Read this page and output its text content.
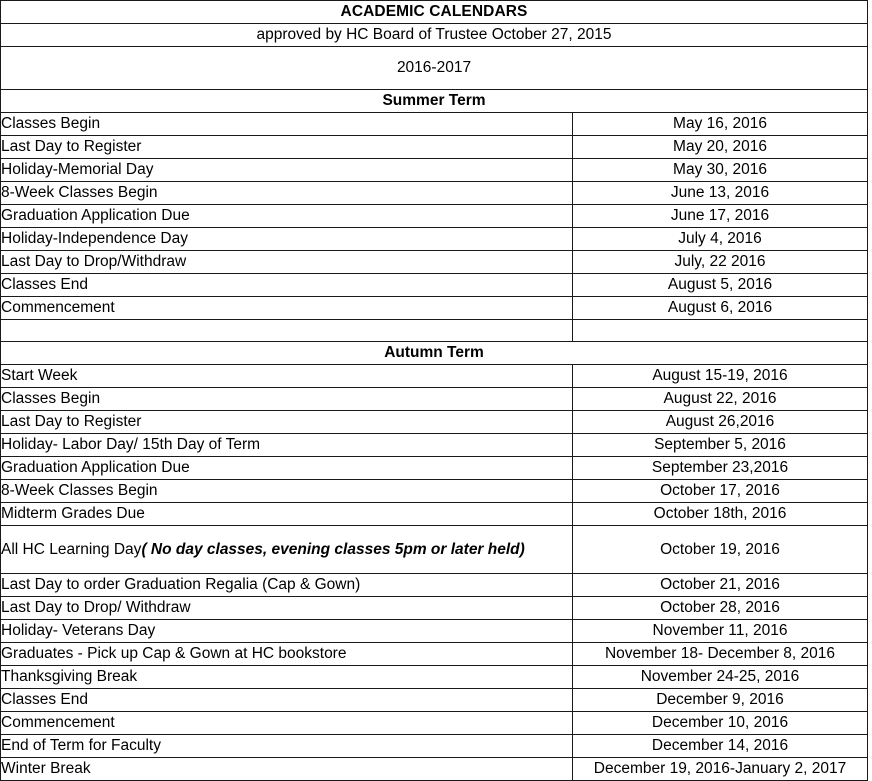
ACADEMIC CALENDARS	
approved by HC Board of Trustee October 27, 2015	
2016-2017	
Summer Term	
Classes Begin	May 16, 2016
Last Day to Register	May 20, 2016
Holiday-Memorial Day	May 30, 2016
8-Week Classes Begin	June 13, 2016
Graduation Application Due	June 17, 2016
Holiday-Independence Day	July 4, 2016
Last Day to Drop/Withdraw	July, 22 2016
Classes End	August 5, 2016
Commencement	August 6, 2016

Autumn Term	
Start Week	August 15-19, 2016
Classes Begin	August 22, 2016
Last Day to Register	August 26,2016
Holiday- Labor Day/ 15th Day of Term	September 5, 2016
Graduation Application Due	September 23,2016
8-Week Classes Begin	October 17, 2016
Midterm Grades Due	October 18th, 2016
All HC Learning Day( No day classes, evening classes 5pm or later held)	October 19, 2016
Last Day to order Graduation Regalia (Cap & Gown)	October 21, 2016
Last Day to Drop/ Withdraw	October 28, 2016
Holiday- Veterans Day	November 11, 2016
Graduates - Pick up Cap & Gown at HC bookstore	November 18- December 8, 2016
Thanksgiving Break	November 24-25, 2016
Classes End	December 9, 2016
Commencement	December 10, 2016
End of Term for Faculty	December 14, 2016
Winter Break	December 19, 2016-January 2, 2017
